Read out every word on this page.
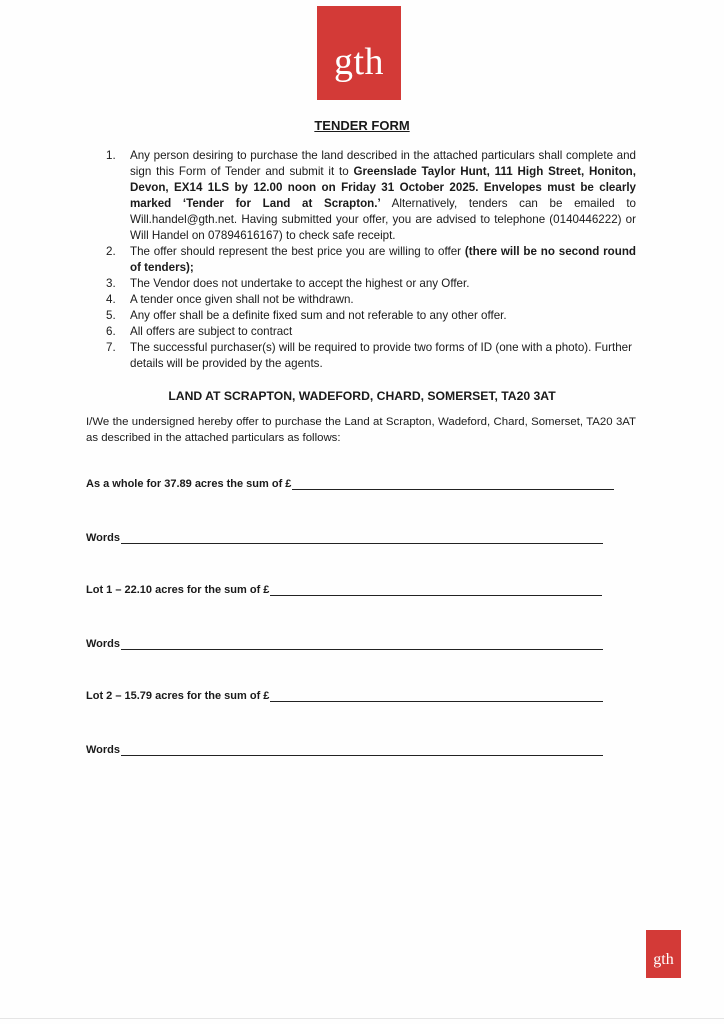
gth
TENDER FORM
1. Any person desiring to purchase the land described in the attached particulars shall complete and sign this Form of Tender and submit it to Greenslade Taylor Hunt, 111 High Street, Honiton, Devon, EX14 1LS by 12.00 noon on Friday 31 October 2025. Envelopes must be clearly marked ‘Tender for Land at Scrapton.’ Alternatively, tenders can be emailed to Will.handel@gth.net. Having submitted your offer, you are advised to telephone (0140446222) or Will Handel on 07894616167) to check safe receipt.
2. The offer should represent the best price you are willing to offer (there will be no second round of tenders);
3. The Vendor does not undertake to accept the highest or any Offer.
4. A tender once given shall not be withdrawn.
5. Any offer shall be a definite fixed sum and not referable to any other offer.
6. All offers are subject to contract
7. The successful purchaser(s) will be required to provide two forms of ID (one with a photo). Further details will be provided by the agents.
LAND AT SCRAPTON, WADEFORD, CHARD, SOMERSET, TA20 3AT
I/We the undersigned hereby offer to purchase the Land at Scrapton, Wadeford, Chard, Somerset, TA20 3AT as described in the attached particulars as follows:
As a whole for 37.89 acres the sum of £
Words
Lot 1 – 22.10 acres for the sum of £
Words
Lot 2 – 15.79 acres for the sum of £
Words
gth
